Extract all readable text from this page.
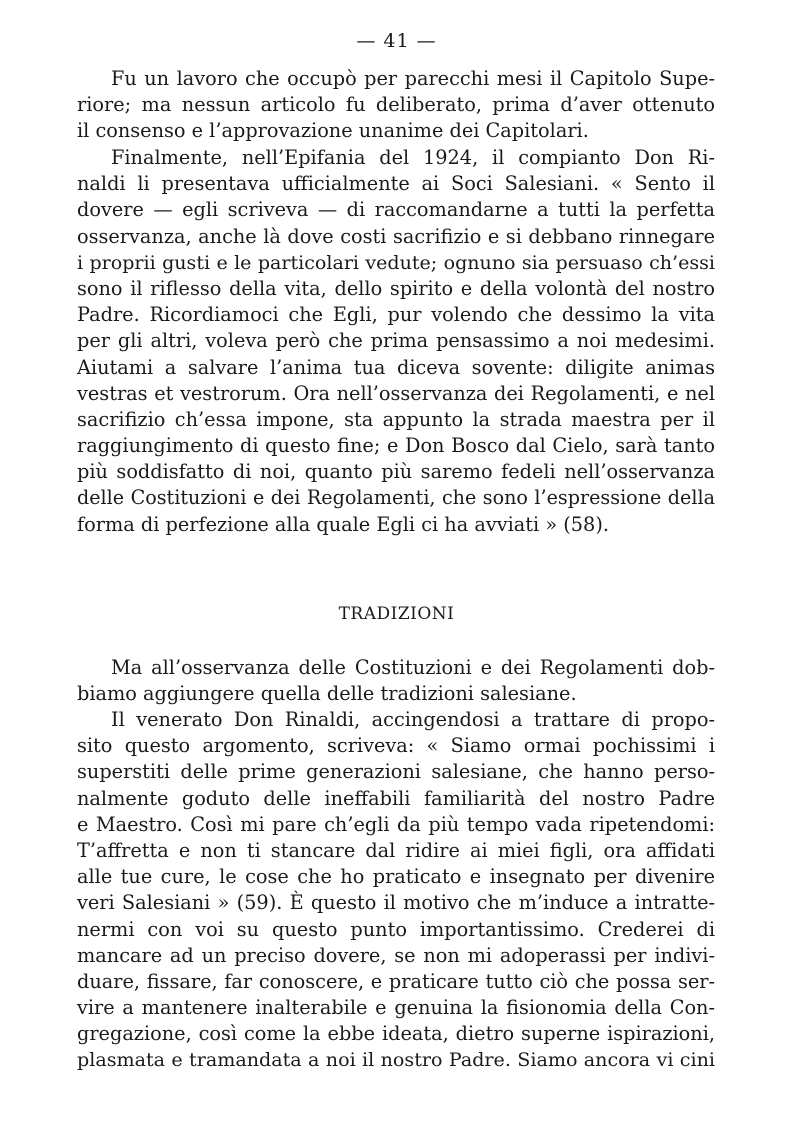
— 41 —
Fu un lavoro che occupò per parecchi mesi il Capitolo Supe-
riore; ma nessun articolo fu deliberato, prima d’aver ottenuto
il consenso e l’approvazione unanime dei Capitolari.
Finalmente, nell’Epifania del 1924, il compianto Don Ri-
naldi li presentava ufficialmente ai Soci Salesiani. « Sento il
dovere — egli scriveva — di raccomandarne a tutti la perfetta
osservanza, anche là dove costi sacrifizio e si debbano rinnegare
i proprii gusti e le particolari vedute; ognuno sia persuaso ch’essi
sono il riflesso della vita, dello spirito e della volontà del nostro
Padre. Ricordiamoci che Egli, pur volendo che dessimo la vita
per gli altri, voleva però che prima pensassimo a noi medesimi.
Aiutami a salvare l’anima tua diceva sovente: diligite animas
vestras et vestrorum. Ora nell’osservanza dei Regolamenti, e nel
sacrifizio ch’essa impone, sta appunto la strada maestra per il
raggiungimento di questo fine; e Don Bosco dal Cielo, sarà tanto
più soddisfatto di noi, quanto più saremo fedeli nell’osservanza
delle Costituzioni e dei Regolamenti, che sono l’espressione della
forma di perfezione alla quale Egli ci ha avviati » (58).
TRADIZIONI
Ma all’osservanza delle Costituzioni e dei Regolamenti dob-
biamo aggiungere quella delle tradizioni salesiane.
Il venerato Don Rinaldi, accingendosi a trattare di propo-
sito questo argomento, scriveva: « Siamo ormai pochissimi i
superstiti delle prime generazioni salesiane, che hanno perso-
nalmente goduto delle ineffabili familiarità del nostro Padre
e Maestro. Così mi pare ch’egli da più tempo vada ripetendomi:
T’affretta e non ti stancare dal ridire ai miei figli, ora affidati
alle tue cure, le cose che ho praticato e insegnato per divenire
veri Salesiani » (59). È questo il motivo che m’induce a intratte-
nermi con voi su questo punto importantissimo. Crederei di
mancare ad un preciso dovere, se non mi adoperassi per indivi-
duare, fissare, far conoscere, e praticare tutto ciò che possa ser-
vire a mantenere inalterabile e genuina la fisionomia della Con-
gregazione, così come la ebbe ideata, dietro superne ispirazioni,
plasmata e tramandata a noi il nostro Padre. Siamo ancora vi cini
